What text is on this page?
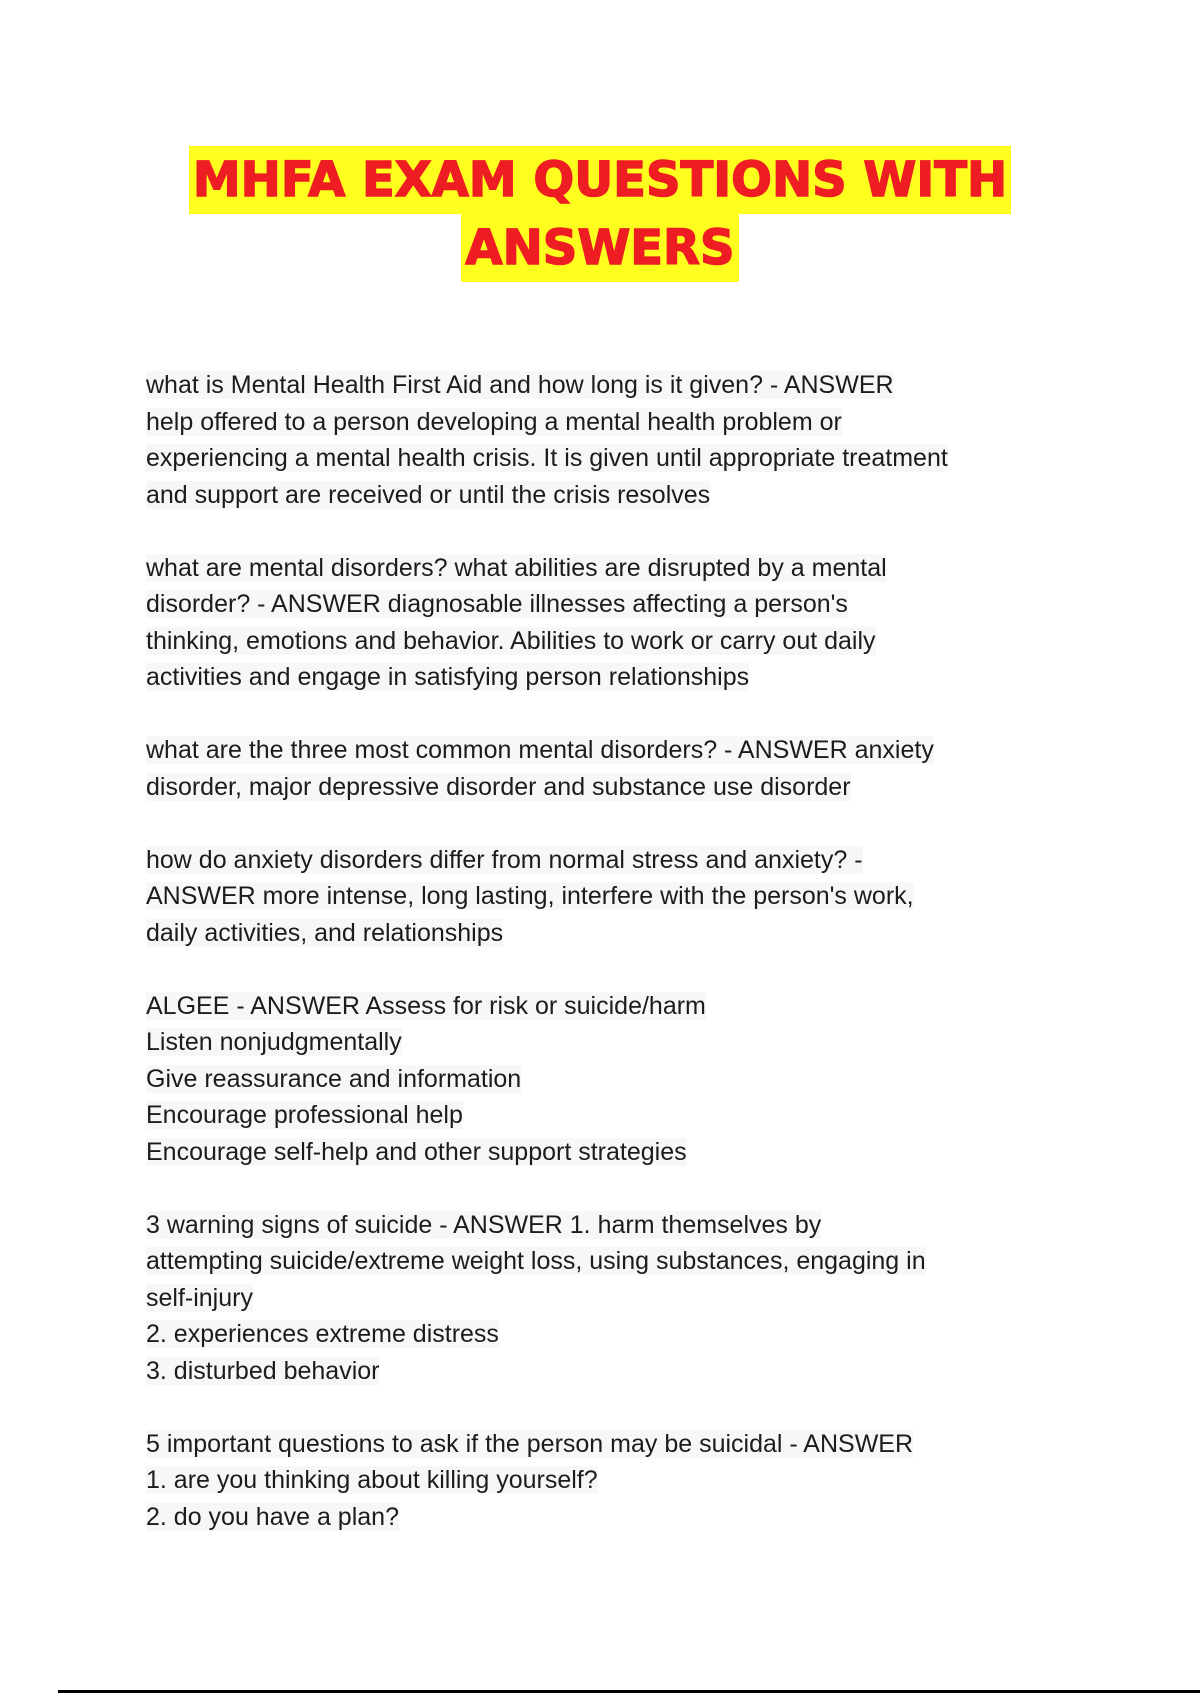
MHFA EXAM QUESTIONS WITH
ANSWERS
what is Mental Health First Aid and how long is it given? - ANSWER
help offered to a person developing a mental health problem or
experiencing a mental health crisis. It is given until appropriate treatment
and support are received or until the crisis resolves
what are mental disorders? what abilities are disrupted by a mental
disorder? - ANSWER diagnosable illnesses affecting a person's
thinking, emotions and behavior. Abilities to work or carry out daily
activities and engage in satisfying person relationships
what are the three most common mental disorders? - ANSWER anxiety
disorder, major depressive disorder and substance use disorder
how do anxiety disorders differ from normal stress and anxiety? -
ANSWER more intense, long lasting, interfere with the person's work,
daily activities, and relationships
ALGEE - ANSWER Assess for risk or suicide/harm
Listen nonjudgmentally
Give reassurance and information
Encourage professional help
Encourage self-help and other support strategies
3 warning signs of suicide - ANSWER 1. harm themselves by
attempting suicide/extreme weight loss, using substances, engaging in
self-injury
2. experiences extreme distress
3. disturbed behavior
5 important questions to ask if the person may be suicidal - ANSWER
1. are you thinking about killing yourself?
2. do you have a plan?
